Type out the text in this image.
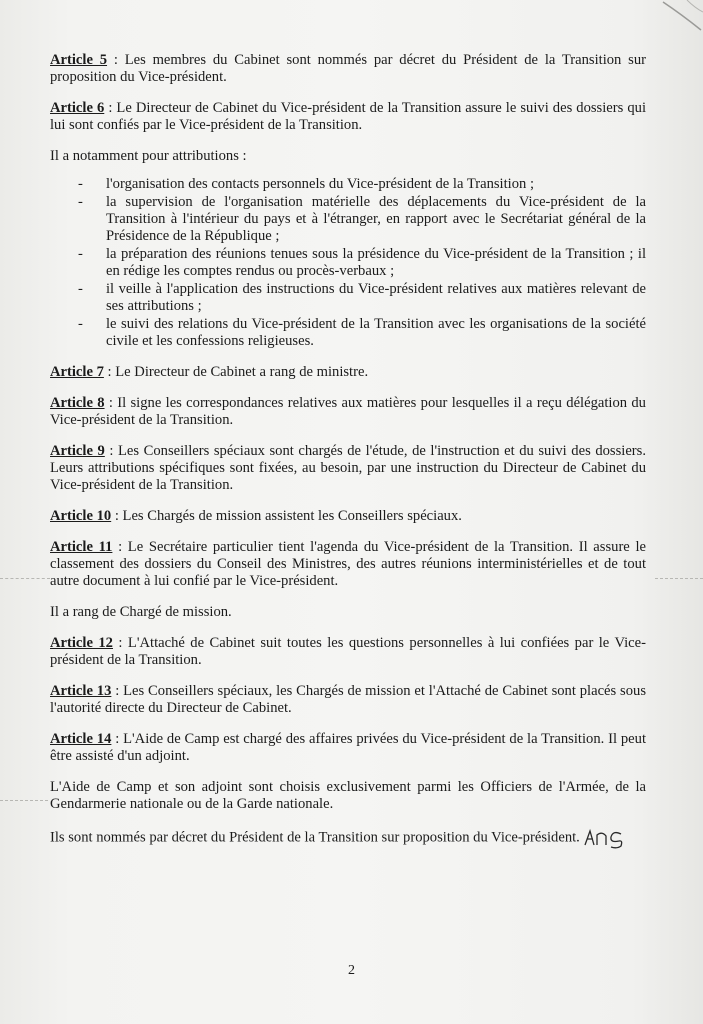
Article 5 : Les membres du Cabinet sont nommés par décret du Président de la Transition sur proposition du Vice-président.

Article 6 : Le Directeur de Cabinet du Vice-président de la Transition assure le suivi des dossiers qui lui sont confiés par le Vice-président de la Transition.

Il a notamment pour attributions :

- l'organisation des contacts personnels du Vice-président de la Transition ;
- la supervision de l'organisation matérielle des déplacements du Vice-président de la Transition à l'intérieur du pays et à l'étranger, en rapport avec le Secrétariat général de la Présidence de la République ;
- la préparation des réunions tenues sous la présidence du Vice-président de la Transition ; il en rédige les comptes rendus ou procès-verbaux ;
- il veille à l'application des instructions du Vice-président relatives aux matières relevant de ses attributions ;
- le suivi des relations du Vice-président de la Transition avec les organisations de la société civile et les confessions religieuses.

Article 7 : Le Directeur de Cabinet a rang de ministre.

Article 8 : Il signe les correspondances relatives aux matières pour lesquelles il a reçu délégation du Vice-président de la Transition.

Article 9 : Les Conseillers spéciaux sont chargés de l'étude, de l'instruction et du suivi des dossiers. Leurs attributions spécifiques sont fixées, au besoin, par une instruction du Directeur de Cabinet du Vice-président de la Transition.

Article 10 : Les Chargés de mission assistent les Conseillers spéciaux.

Article 11 : Le Secrétaire particulier tient l'agenda du Vice-président de la Transition. Il assure le classement des dossiers du Conseil des Ministres, des autres réunions interministérielles et de tout autre document à lui confié par le Vice-président.

Il a rang de Chargé de mission.

Article 12 : L'Attaché de Cabinet suit toutes les questions personnelles à lui confiées par le Vice-président de la Transition.

Article 13 : Les Conseillers spéciaux, les Chargés de mission et l'Attaché de Cabinet sont placés sous l'autorité directe du Directeur de Cabinet.

Article 14 : L'Aide de Camp est chargé des affaires privées du Vice-président de la Transition. Il peut être assisté d'un adjoint.

L'Aide de Camp et son adjoint sont choisis exclusivement parmi les Officiers de l'Armée, de la Gendarmerie nationale ou de la Garde nationale.

Ils sont nommés par décret du Président de la Transition sur proposition du Vice-président.

2
